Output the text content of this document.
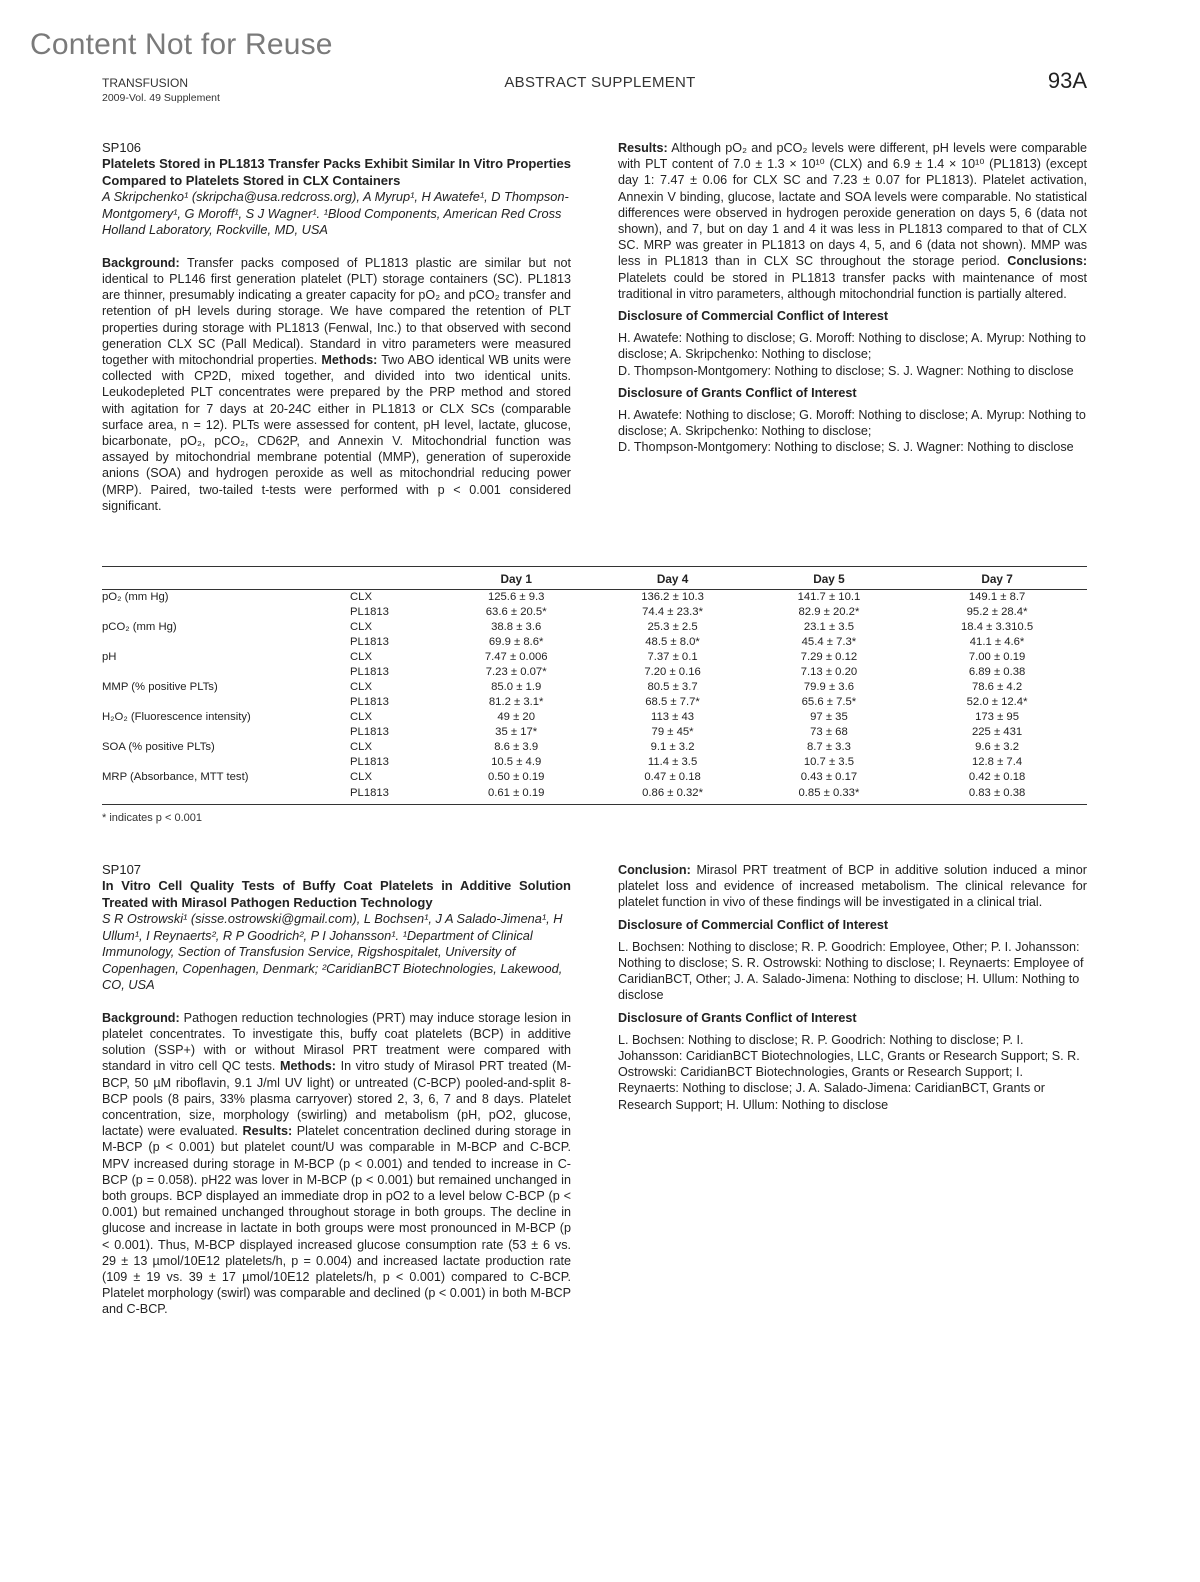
Content Not for Reuse
TRANSFUSION
2009-Vol. 49 Supplement
ABSTRACT SUPPLEMENT	93A

SP106

Platelets Stored in PL1813 Transfer Packs Exhibit Similar In Vitro Properties Compared to Platelets Stored in CLX Containers

A Skripchenko¹ (skripcha@usa.redcross.org), A Myrup¹, H Awatefe¹, D Thompson-Montgomery¹, G Moroff¹, S J Wagner¹. ¹Blood Components, American Red Cross Holland Laboratory, Rockville, MD, USA

Background: Transfer packs composed of PL1813 plastic are similar but not identical to PL146 first generation platelet (PLT) storage containers (SC). PL1813 are thinner, presumably indicating a greater capacity for pO₂ and pCO₂ transfer and retention of pH levels during storage. We have compared the retention of PLT properties during storage with PL1813 (Fenwal, Inc.) to that observed with second generation CLX SC (Pall Medical). Standard in vitro parameters were measured together with mitochondrial properties. Methods: Two ABO identical WB units were collected with CP2D, mixed together, and divided into two identical units. Leukodepleted PLT concentrates were prepared by the PRP method and stored with agitation for 7 days at 20-24C either in PL1813 or CLX SCs (comparable surface area, n = 12). PLTs were assessed for content, pH level, lactate, glucose, bicarbonate, pO₂, pCO₂, CD62P, and Annexin V. Mitochondrial function was assayed by mitochondrial membrane potential (MMP), generation of superoxide anions (SOA) and hydrogen peroxide as well as mitochondrial reducing power (MRP). Paired, two-tailed t-tests were performed with p < 0.001 considered significant.

Results: Although pO₂ and pCO₂ levels were different, pH levels were comparable with PLT content of 7.0 ± 1.3 × 10¹⁰ (CLX) and 6.9 ± 1.4 × 10¹⁰ (PL1813) (except day 1: 7.47 ± 0.06 for CLX SC and 7.23 ± 0.07 for PL1813). Platelet activation, Annexin V binding, glucose, lactate and SOA levels were comparable. No statistical differences were observed in hydrogen peroxide generation on days 5, 6 (data not shown), and 7, but on day 1 and 4 it was less in PL1813 compared to that of CLX SC. MRP was greater in PL1813 on days 4, 5, and 6 (data not shown). MMP was less in PL1813 than in CLX SC throughout the storage period. Conclusions: Platelets could be stored in PL1813 transfer packs with maintenance of most traditional in vitro parameters, although mitochondrial function is partially altered.

Disclosure of Commercial Conflict of Interest

H. Awatefe: Nothing to disclose; G. Moroff: Nothing to disclose; A. Myrup: Nothing to disclose; A. Skripchenko: Nothing to disclose;

D. Thompson-Montgomery: Nothing to disclose; S. J. Wagner: Nothing to disclose

Disclosure of Grants Conflict of Interest

H. Awatefe: Nothing to disclose; G. Moroff: Nothing to disclose; A. Myrup: Nothing to disclose; A. Skripchenko: Nothing to disclose;

D. Thompson-Montgomery: Nothing to disclose; S. J. Wagner: Nothing to disclose

		Day 1	Day 4	Day 5	Day 7
pO₂ (mm Hg)	CLX	125.6 ± 9.3	136.2 ± 10.3	141.7 ± 10.1	149.1 ± 8.7
	PL1813	63.6 ± 20.5*	74.4 ± 23.3*	82.9 ± 20.2*	95.2 ± 28.4*
pCO₂ (mm Hg)	CLX	38.8 ± 3.6	25.3 ± 2.5	23.1 ± 3.5	18.4 ± 3.310.5
	PL1813	69.9 ± 8.6*	48.5 ± 8.0*	45.4 ± 7.3*	41.1 ± 4.6*
pH	CLX	7.47 ± 0.006	7.37 ± 0.1	7.29 ± 0.12	7.00 ± 0.19
	PL1813	7.23 ± 0.07*	7.20 ± 0.16	7.13 ± 0.20	6.89 ± 0.38
MMP (% positive PLTs)	CLX	85.0 ± 1.9	80.5 ± 3.7	79.9 ± 3.6	78.6 ± 4.2
	PL1813	81.2 ± 3.1*	68.5 ± 7.7*	65.6 ± 7.5*	52.0 ± 12.4*
H₂O₂ (Fluorescence intensity)	CLX	49 ± 20	113 ± 43	97 ± 35	173 ± 95
	PL1813	35 ± 17*	79 ± 45*	73 ± 68	225 ± 431
SOA (% positive PLTs)	CLX	8.6 ± 3.9	9.1 ± 3.2	8.7 ± 3.3	9.6 ± 3.2
	PL1813	10.5 ± 4.9	11.4 ± 3.5	10.7 ± 3.5	12.8 ± 7.4
MRP (Absorbance, MTT test)	CLX	0.50 ± 0.19	0.47 ± 0.18	0.43 ± 0.17	0.42 ± 0.18
	PL1813	0.61 ± 0.19	0.86 ± 0.32*	0.85 ± 0.33*	0.83 ± 0.38
* indicates p < 0.001

SP107

In Vitro Cell Quality Tests of Buffy Coat Platelets in Additive Solution Treated with Mirasol Pathogen Reduction Technology

S R Ostrowski¹ (sisse.ostrowski@gmail.com), L Bochsen¹, J A Salado-Jimena¹, H Ullum¹, I Reynaerts², R P Goodrich², P I Johansson¹. ¹Department of Clinical Immunology, Section of Transfusion Service, Rigshospitalet, University of Copenhagen, Copenhagen, Denmark; ²CaridianBCT Biotechnologies, Lakewood, CO, USA

Background: Pathogen reduction technologies (PRT) may induce storage lesion in platelet concentrates. To investigate this, buffy coat platelets (BCP) in additive solution (SSP+) with or without Mirasol PRT treatment were compared with standard in vitro cell QC tests. Methods: In vitro study of Mirasol PRT treated (M-BCP, 50 µM riboflavin, 9.1 J/ml UV light) or untreated (C-BCP) pooled-and-split 8-BCP pools (8 pairs, 33% plasma carryover) stored 2, 3, 6, 7 and 8 days. Platelet concentration, size, morphology (swirling) and metabolism (pH, pO2, glucose, lactate) were evaluated. Results: Platelet concentration declined during storage in M-BCP (p < 0.001) but platelet count/U was comparable in M-BCP and C-BCP. MPV increased during storage in M-BCP (p < 0.001) and tended to increase in C-BCP (p = 0.058). pH22 was lover in M-BCP (p < 0.001) but remained unchanged in both groups. BCP displayed an immediate drop in pO2 to a level below C-BCP (p < 0.001) but remained unchanged throughout storage in both groups. The decline in glucose and increase in lactate in both groups were most pronounced in M-BCP (p < 0.001). Thus, M-BCP displayed increased glucose consumption rate (53 ± 6 vs. 29 ± 13 µmol/10E12 platelets/h, p = 0.004) and increased lactate production rate (109 ± 19 vs. 39 ± 17 µmol/10E12 platelets/h, p < 0.001) compared to C-BCP. Platelet morphology (swirl) was comparable and declined (p < 0.001) in both M-BCP and C-BCP.

Conclusion: Mirasol PRT treatment of BCP in additive solution induced a minor platelet loss and evidence of increased metabolism. The clinical relevance for platelet function in vivo of these findings will be investigated in a clinical trial.

Disclosure of Commercial Conflict of Interest

L. Bochsen: Nothing to disclose; R. P. Goodrich: Employee, Other; P. I. Johansson: Nothing to disclose; S. R. Ostrowski: Nothing to disclose; I. Reynaerts: Employee of CaridianBCT, Other; J. A. Salado-Jimena: Nothing to disclose; H. Ullum: Nothing to disclose

Disclosure of Grants Conflict of Interest

L. Bochsen: Nothing to disclose; R. P. Goodrich: Nothing to disclose; P. I. Johansson: CaridianBCT Biotechnologies, LLC, Grants or Research Support; S. R. Ostrowski: CaridianBCT Biotechnologies, Grants or Research Support; I. Reynaerts: Nothing to disclose; J. A. Salado-Jimena: CaridianBCT, Grants or Research Support; H. Ullum: Nothing to disclose
